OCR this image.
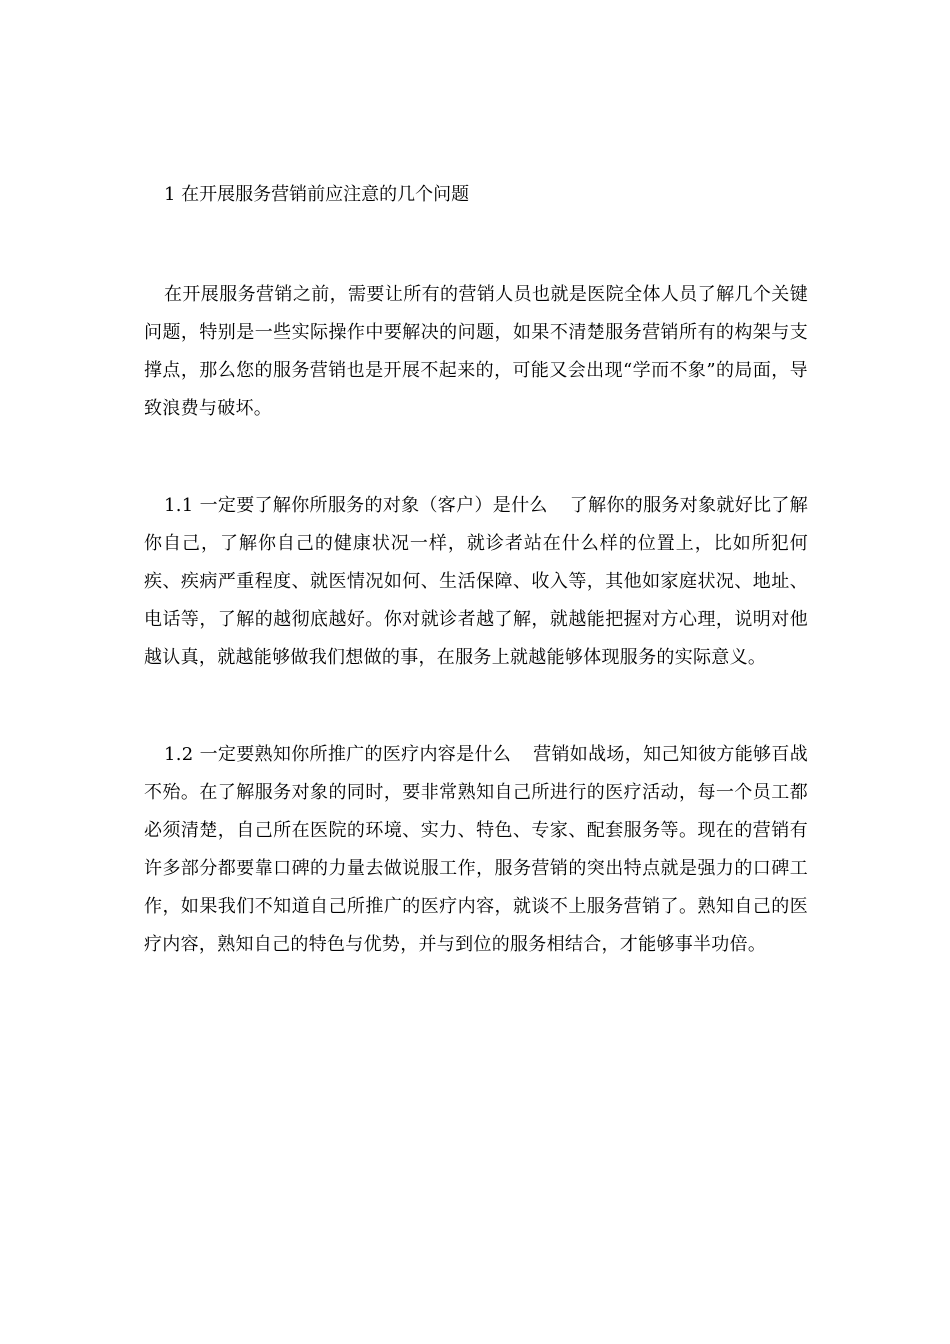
1 在开展服务营销前应注意的几个问题

在开展服务营销之前，需要让所有的营销人员也就是医院全体人员了解几个关键问题，特别是一些实际操作中要解决的问题，如果不清楚服务营销所有的构架与支撑点，那么您的服务营销也是开展不起来的，可能又会出现“学而不象”的局面，导致浪费与破坏。

1.1 一定要了解你所服务的对象（客户）是什么 了解你的服务对象就好比了解你自己，了解你自己的健康状况一样，就诊者站在什么样的位置上，比如所犯何疾、疾病严重程度、就医情况如何、生活保障、收入等，其他如家庭状况、地址、电话等，了解的越彻底越好。你对就诊者越了解，就越能把握对方心理，说明对他越认真，就越能够做我们想做的事，在服务上就越能够体现服务的实际意义。

1.2 一定要熟知你所推广的医疗内容是什么 营销如战场，知己知彼方能够百战不殆。在了解服务对象的同时，要非常熟知自己所进行的医疗活动，每一个员工都必须清楚，自己所在医院的环境、实力、特色、专家、配套服务等。现在的营销有许多部分都要靠口碑的力量去做说服工作，服务营销的突出特点就是强力的口碑工作，如果我们不知道自己所推广的医疗内容，就谈不上服务营销了。熟知自己的医疗内容，熟知自己的特色与优势，并与到位的服务相结合，才能够事半功倍。
